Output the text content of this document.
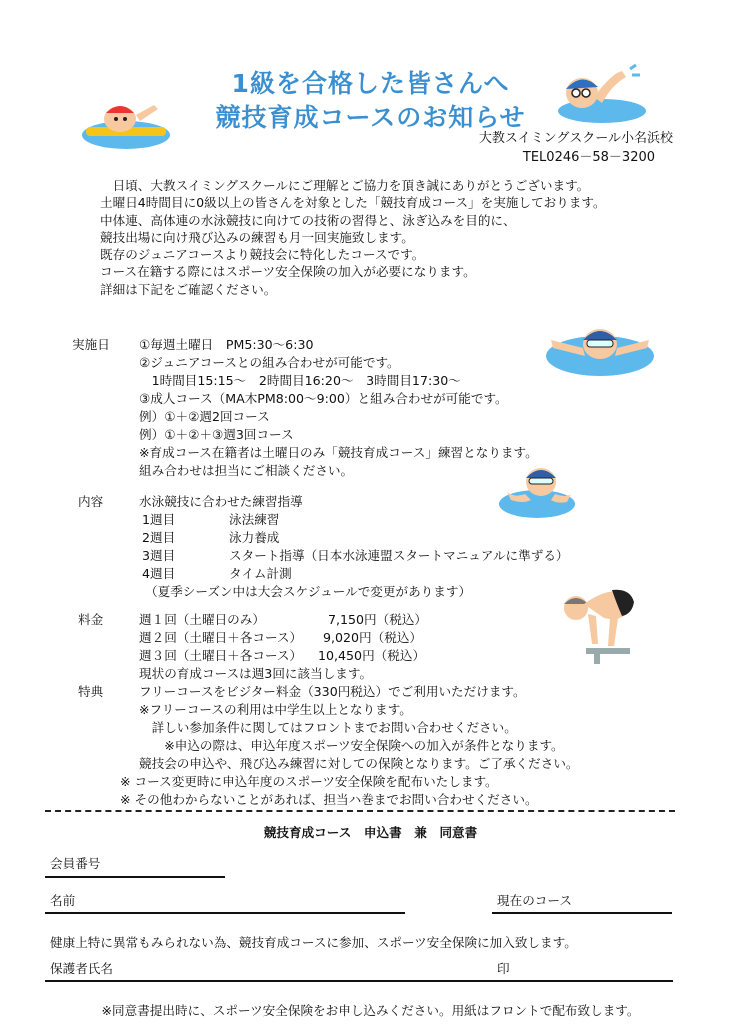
1級を合格した皆さんへ
競技育成コースのお知らせ
大教スイミングスクール小名浜校
TEL0246－58－3200
　日頃、大教スイミングスクールにご理解とご協力を頂き誠にありがとうございます。
土曜日4時間目に0級以上の皆さんを対象とした「競技育成コース」を実施しております。
中体連、高体連の水泳競技に向けての技術の習得と、泳ぎ込みを目的に、
競技出場に向け飛び込みの練習も月一回実施致します。
既存のジュニアコースより競技会に特化したコースです。
コース在籍する際にはスポーツ安全保険の加入が必要になります。
詳細は下記をご確認ください。
実施日 ①毎週土曜日　PM5:30～6:30
②ジュニアコースとの組み合わせが可能です。
　1時間目15:15～　2時間目16:20～　3時間目17:30～
③成人コース（MA木PM8:00～9:00）と組み合わせが可能です。
例）①＋②週2回コース
例）①＋②＋③週3回コース
※育成コース在籍者は土曜日のみ「競技育成コース」練習となります。
組み合わせは担当にご相談ください。
内容	水泳競技に合わせた練習指導
1週目	泳法練習
2週目	泳力養成
3週目	スタート指導（日本水泳連盟スタートマニュアルに準ずる）
4週目	タイム計測
（夏季シーズン中は大会スケジュールで変更があります）
料金	週１回（土曜日のみ）	7,150円（税込）
週２回（土曜日＋各コース） 9,020円（税込）
週３回（土曜日＋各コース） 10,450円（税込）
現状の育成コースは週3回に該当します。
特典	フリーコースをビジター料金（330円税込）でご利用いただけます。
※フリーコースの利用は中学生以上となります。
　詳しい参加条件に関してはフロントまでお問い合わせください。
　　※申込の際は、申込年度スポーツ安全保険への加入が条件となります。
競技会の申込や、飛び込み練習に対しての保険となります。ご了承ください。
※ コース変更時に申込年度のスポーツ安全保険を配布いたします。
※ その他わからないことがあれば、担当ハ巻までお問い合わせください。
競技育成コース　申込書　兼　同意書
会員番号
名前	現在のコース
健康上特に異常もみられない為、競技育成コースに参加、スポーツ安全保険に加入致します。
保護者氏名	印
※同意書提出時に、スポーツ安全保険をお申し込みください。用紙はフロントで配布致します。
